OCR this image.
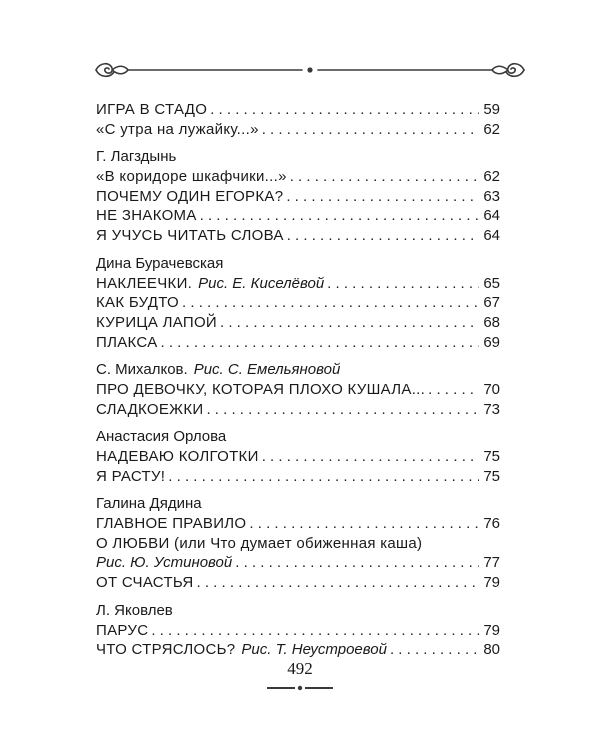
ИГРА В СТАДО . . .	59
«С утра на лужайку...» . . .	62
Г. Лагздынь
«В коридоре шкафчики...» . . .	62
ПОЧЕМУ ОДИН ЕГОРКА? . . .	63
НЕ ЗНАКОМА . . .	64
Я УЧУСЬ ЧИТАТЬ СЛОВА . . .	64
Дина Бурачевская
НАКЛЕЕЧКИ. Рис. Е. Киселёвой . . .	65
КАК БУДТО . . .	67
КУРИЦА ЛАПОЙ . . .	68
ПЛАКСА . . .	69
С. Михалков. Рис. С. Емельяновой
ПРО ДЕВОЧКУ, КОТОРАЯ ПЛОХО КУШАЛА... . . .	70
СЛАДКОЕЖКИ . . .	73
Анастасия Орлова
НАДЕВАЮ КОЛГОТКИ . . .	75
Я РАСТУ! . . .	75
Галина Дядина
ГЛАВНОЕ ПРАВИЛО . . .	76
О ЛЮБВИ (или Что думает обиженная каша)
Рис. Ю. Устиновой . . .	77
ОТ СЧАСТЬЯ . . .	79
Л. Яковлев
ПАРУС . . .	79
ЧТО СТРЯСЛОСЬ? Рис. Т. Неустроевой . . .	80
492
